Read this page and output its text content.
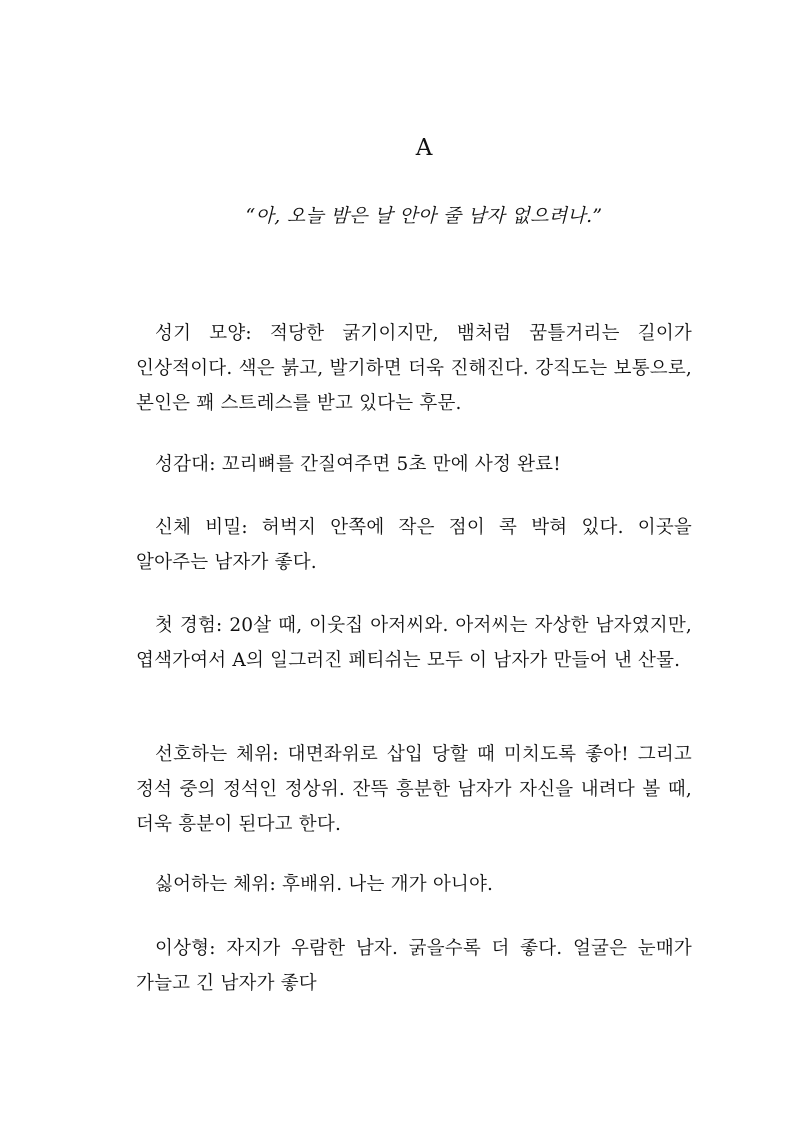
A
“아, 오늘 밤은 날 안아 줄 남자 없으려나.”

성기 모양: 적당한 굵기이지만, 뱀처럼 꿈틀거리는 길이가 인상적이다. 색은 붉고, 발기하면 더욱 진해진다. 강직도는 보통으로, 본인은 꽤 스트레스를 받고 있다는 후문.

성감대: 꼬리뼈를 간질여주면 5초 만에 사정 완료!

신체 비밀: 허벅지 안쪽에 작은 점이 콕 박혀 있다. 이곳을 알아주는 남자가 좋다.

첫 경험: 20살 때, 이웃집 아저씨와. 아저씨는 자상한 남자였지만, 엽색가여서 A의 일그러진 페티쉬는 모두 이 남자가 만들어 낸 산물.

선호하는 체위: 대면좌위로 삽입 당할 때 미치도록 좋아! 그리고 정석 중의 정석인 정상위. 잔뜩 흥분한 남자가 자신을 내려다 볼 때, 더욱 흥분이 된다고 한다.

싫어하는 체위: 후배위. 나는 개가 아니야.

이상형: 자지가 우람한 남자. 굵을수록 더 좋다. 얼굴은 눈매가 가늘고 긴 남자가 좋다
